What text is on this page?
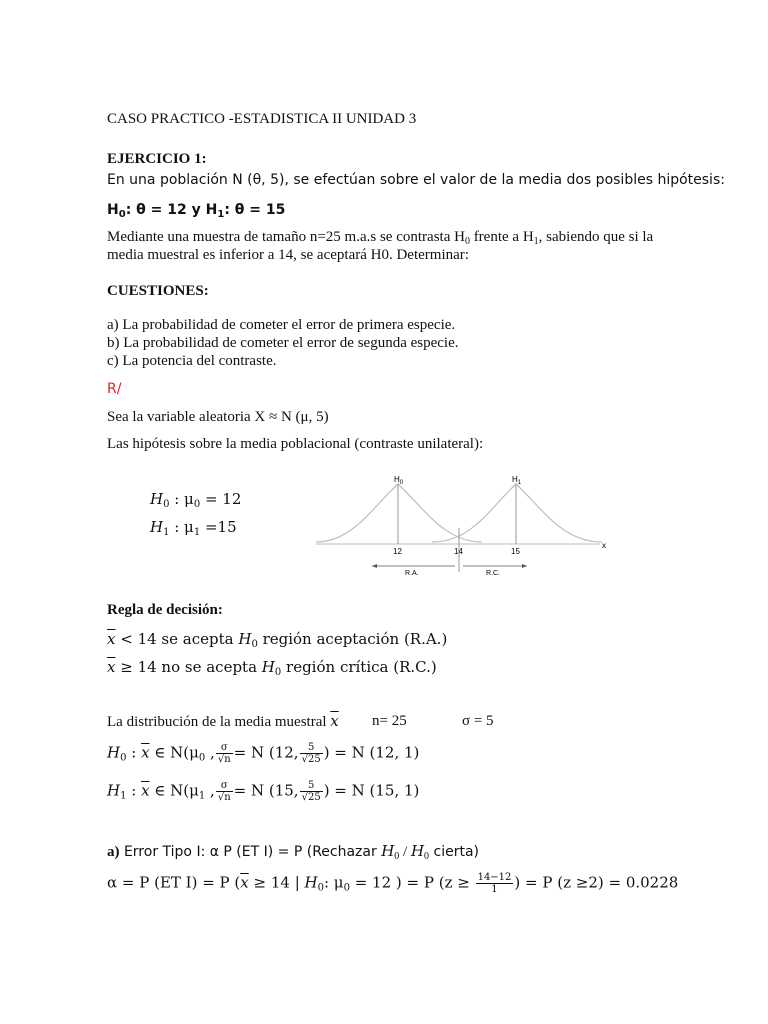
CASO PRACTICO -ESTADISTICA II UNIDAD 3
EJERCICIO 1:
En una población N (θ, 5), se efectúan sobre el valor de la media dos posibles hipótesis:
$H_0$: θ = 12 y $H_1$: θ = 15
Mediante una muestra de tamaño n=25 m.a.s se contrasta $H_0$ frente a $H_1$, sabiendo que si la
media muestral es inferior a 14, se aceptará H0. Determinar:
CUESTIONES:
a) La probabilidad de cometer el error de primera especie.
b) La probabilidad de cometer el error de segunda especie.
c) La potencia del contraste.
R/
Sea la variable aleatoria X ≈ N (μ, 5)
Las hipótesis sobre la media poblacional (contraste unilateral):
$H_0$ : $\mu_0 = 12$
$H_1$ : $\mu_1 =15$
$H_0$	$H_1$
x
12	14	15
R.A.	R.C.
Regla de decisión:
$\overline{x} < 14$ se acepta $H_0$ región aceptación (R.A.)
$\overline{x} \ge 14$ no se acepta $H_0$ región crítica (R.C.)
La distribución de la media muestral $\overline{x}$ n= 25	σ = 5
$H_0$ : $\overline{x}$ ∈ $N(\mu_0$ , $\frac{\sigma}{√n} = N$ (12, $\frac{5}{√25}$ ) = N (12, 1)
$H_1$ : $\overline{x}$ ∈ $N(\mu_1$ , $\frac{\sigma}{√n} = N$ (15, $\frac{5}{√25}$ ) = N (15, 1)
a) Error Tipo I: α P (ET I) = P (Rechazar $H_0 / H_0$ cierta)
α = P (ET I) = P ($\overline{x} \ge 14$ | $H_0$: $\mu_0 = 12$ ) = P ($z \ge \frac{14-12}{1}$ ) = P (z ≥2) = 0.0228
